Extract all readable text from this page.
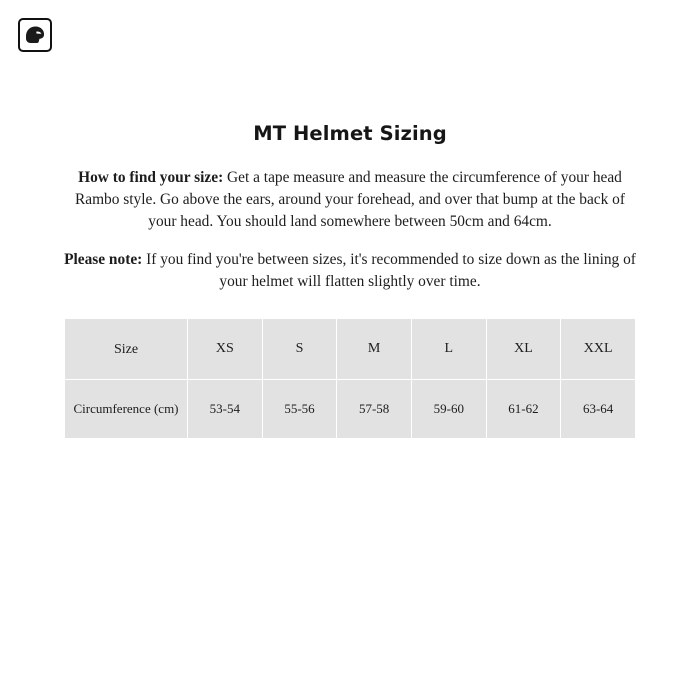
MT Helmet Sizing

How to find your size: Get a tape measure and measure the circumference of your head Rambo style. Go above the ears, around your forehead, and over that bump at the back of your head. You should land somewhere between 50cm and 64cm.

Please note: If you find you're between sizes, it's recommended to size down as the lining of your helmet will flatten slightly over time.

Size	XS	S	M	L	XL	XXL
Circumference (cm)	53-54	55-56	57-58	59-60	61-62	63-64
